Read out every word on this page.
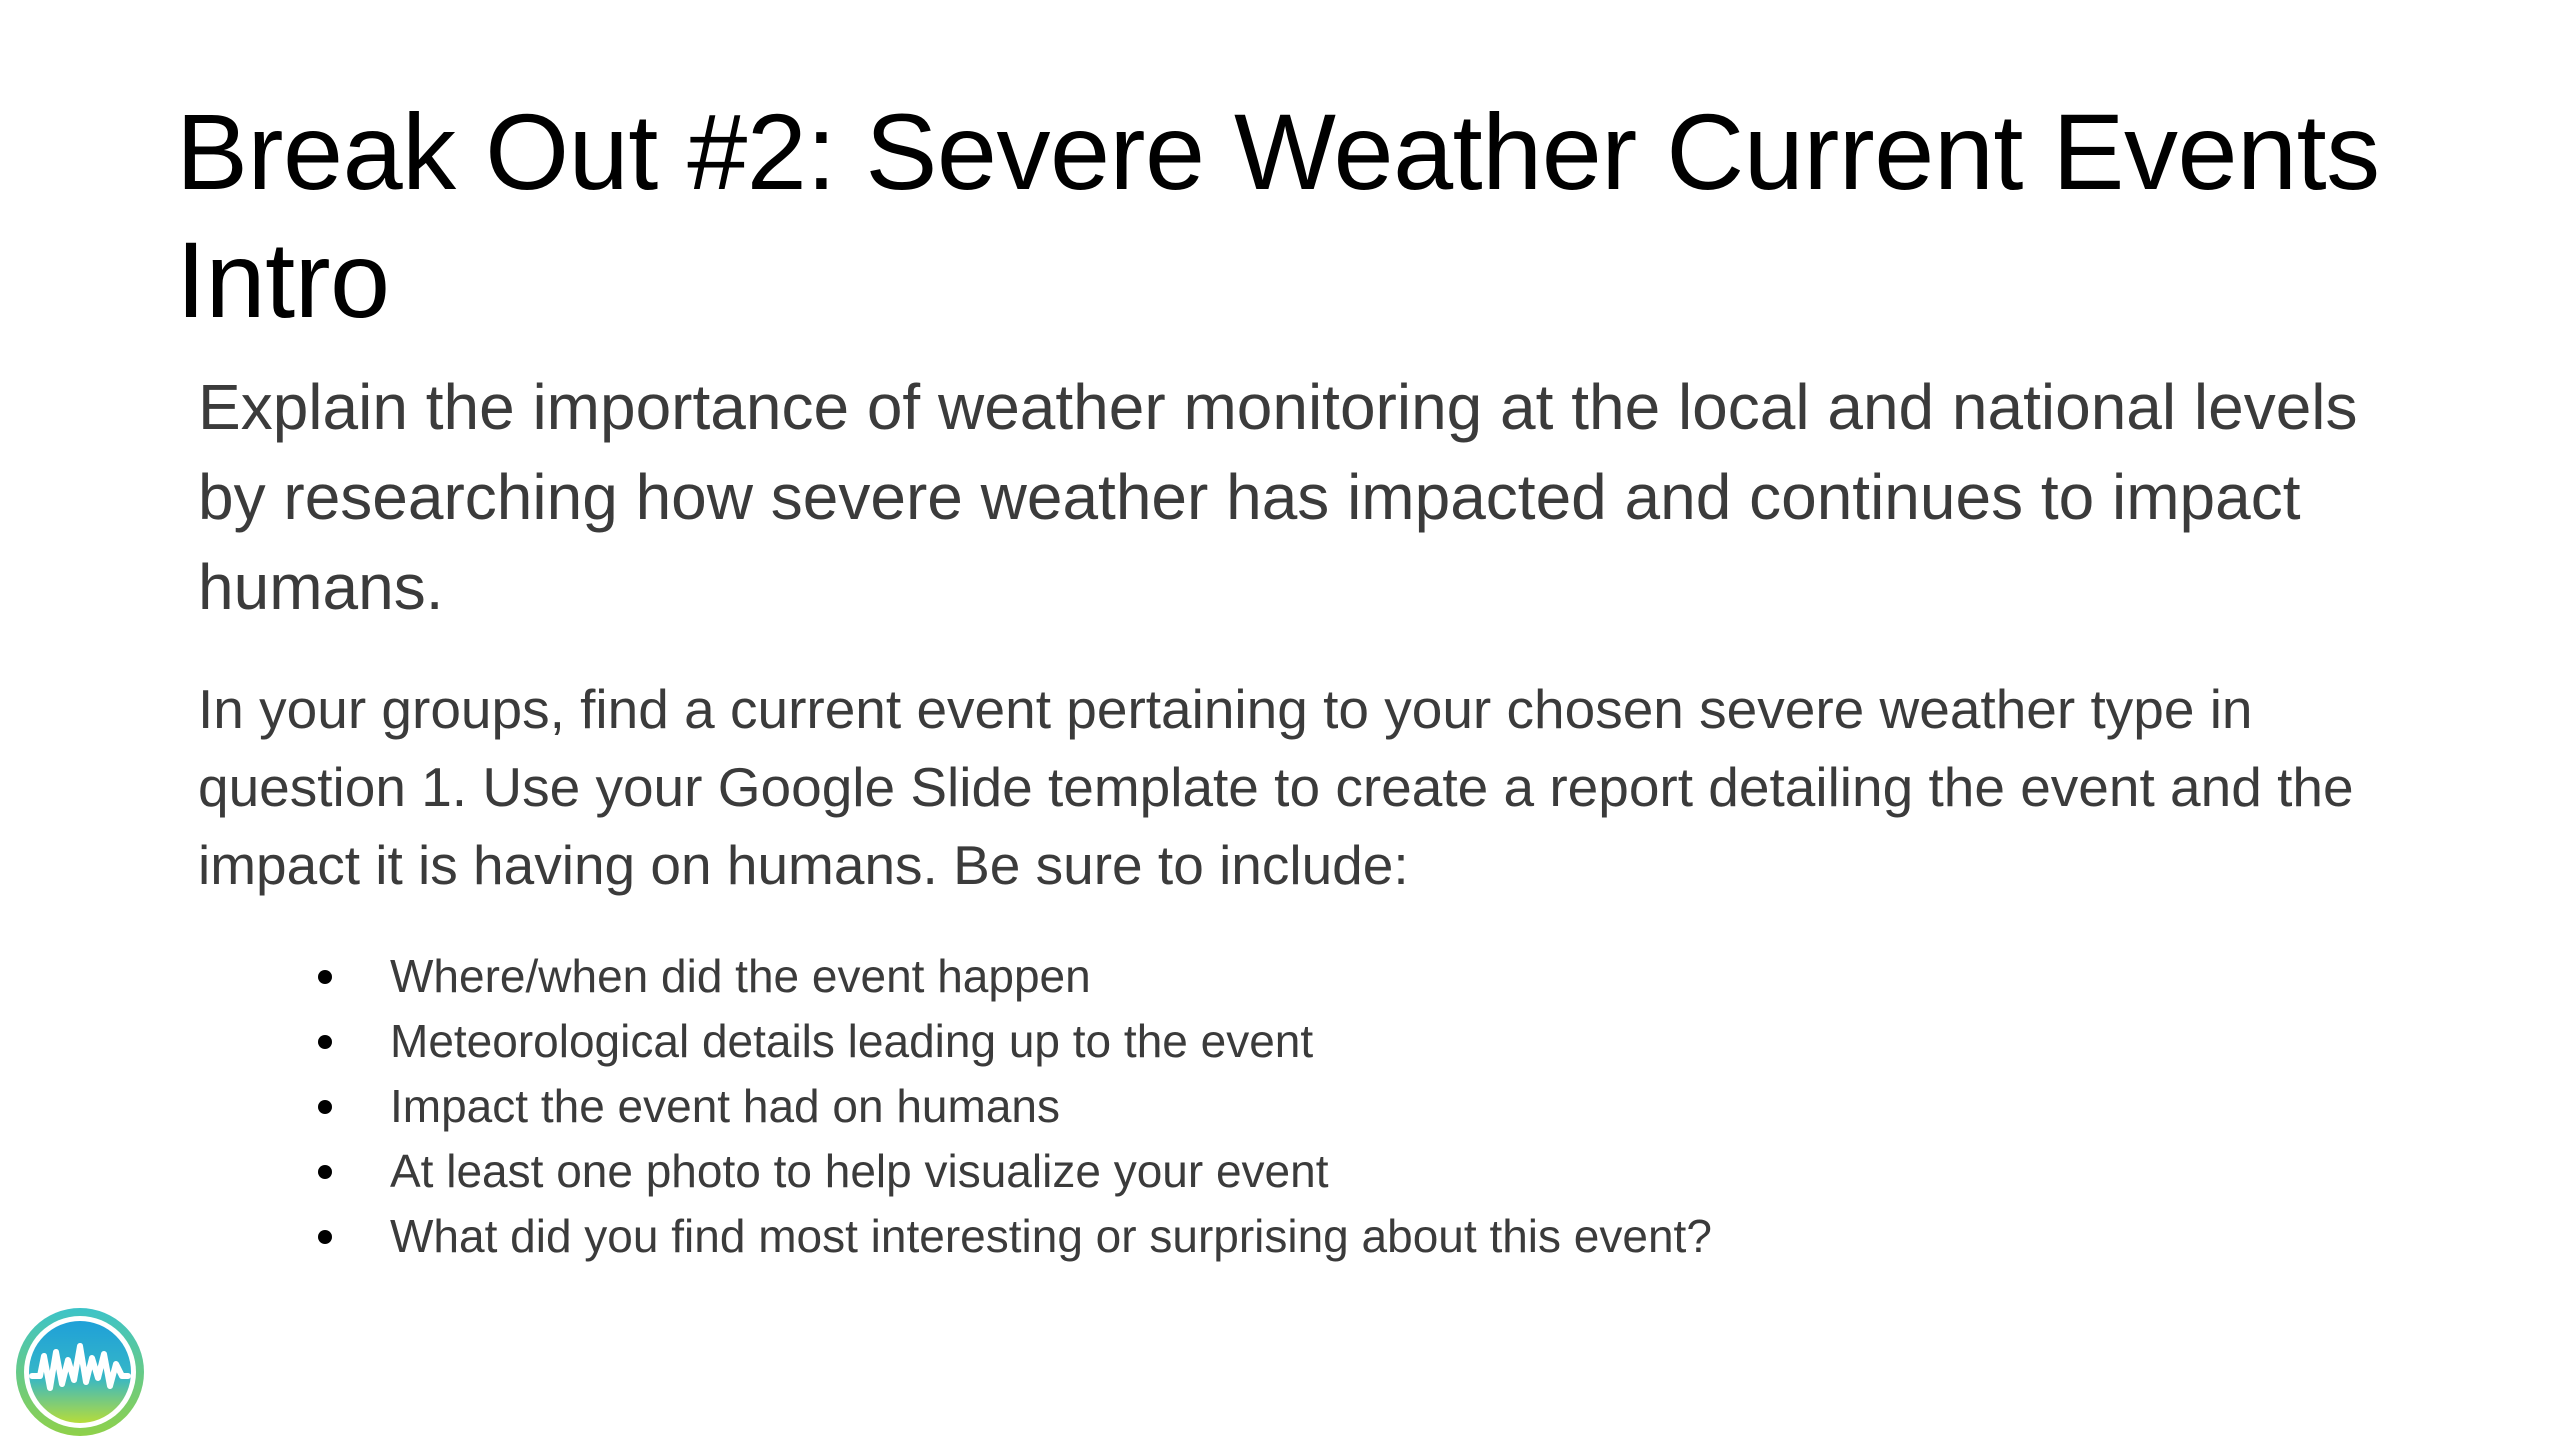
Break Out #2: Severe Weather Current Events Intro

Explain the importance of weather monitoring at the local and national levels by researching how severe weather has impacted and continues to impact humans.

In your groups, find a current event pertaining to your chosen severe weather type in question 1. Use your Google Slide template to create a report detailing the event and the impact it is having on humans. Be sure to include:

Where/when did the event happen
Meteorological details leading up to the event
Impact the event had on humans
At least one photo to help visualize your event
What did you find most interesting or surprising about this event?
